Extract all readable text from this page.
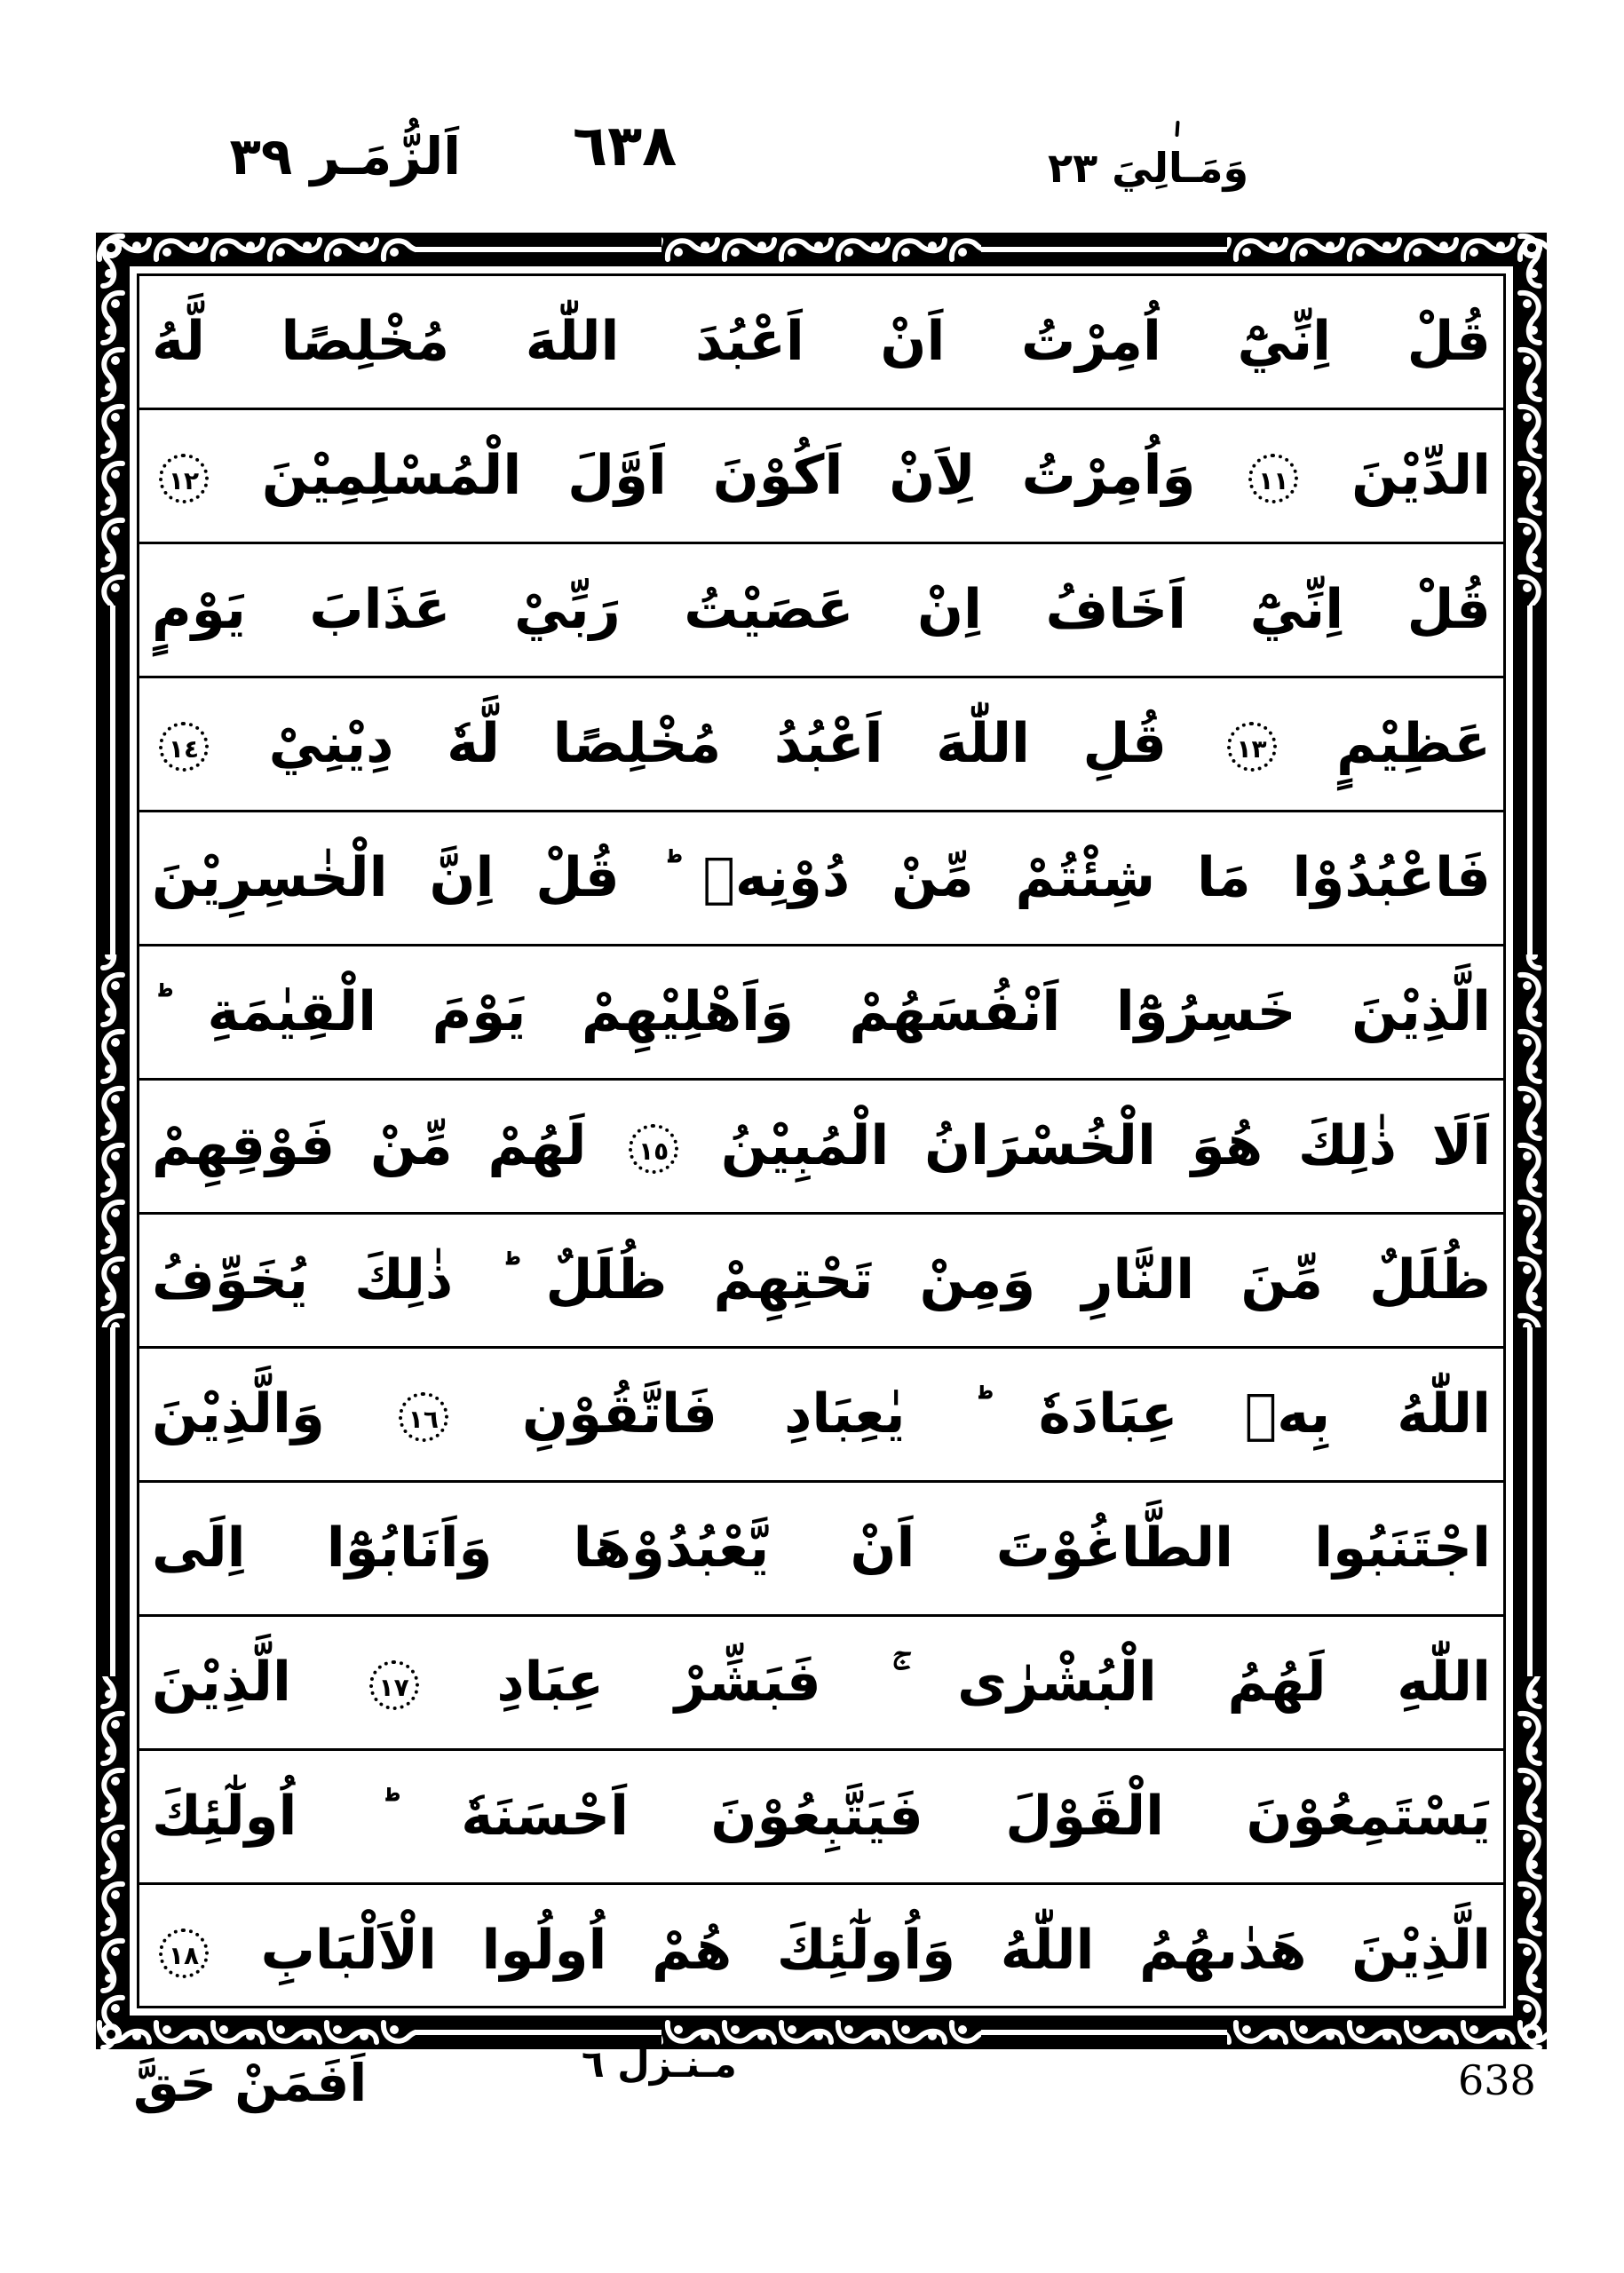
اَلزُّمَـر ٣٩ ٦٣٨	وَمَـالِيَ ٢٣
قُلْ اِنِّيْٓ اُمِرْتُ اَنْ اَعْبُدَ اللّٰهَ مُخْلِصًا لَّهُ
الدِّيْنَ ١١ وَاُمِرْتُ لِاَنْ اَكُوْنَ اَوَّلَ الْمُسْلِمِيْنَ ١٢
قُلْ اِنِّيْٓ اَخَافُ اِنْ عَصَيْتُ رَبِّيْ عَذَابَ يَوْمٍ
عَظِيْمٍ ١٣ قُلِ اللّٰهَ اَعْبُدُ مُخْلِصًا لَّهٗ دِيْنِيْ ١٤
فَاعْبُدُوْا مَا شِئْتُمْ مِّنْ دُوْنِهٖ ؕ قُلْ اِنَّ الْخٰسِرِيْنَ
الَّذِيْنَ خَسِرُوْٓا اَنْفُسَهُمْ وَاَهْلِيْهِمْ يَوْمَ الْقِيٰمَةِ ؕ
اَلَا ذٰلِكَ هُوَ الْخُسْرَانُ الْمُبِيْنُ ١٥ لَهُمْ مِّنْ فَوْقِهِمْ
ظُلَلٌ مِّنَ النَّارِ وَمِنْ تَحْتِهِمْ ظُلَلٌ ؕ ذٰلِكَ يُخَوِّفُ
اللّٰهُ بِهٖ عِبَادَهٗ ؕ يٰعِبَادِ فَاتَّقُوْنِ ١٦ وَالَّذِيْنَ
اجْتَنَبُوا الطَّاغُوْتَ اَنْ يَّعْبُدُوْهَا وَاَنَابُوْٓا اِلَى
اللّٰهِ لَهُمُ الْبُشْرٰى ۚ فَبَشِّرْ عِبَادِ ١٧ الَّذِيْنَ
يَسْتَمِعُوْنَ الْقَوْلَ فَيَتَّبِعُوْنَ اَحْسَنَهٗ ؕ اُولٰٓئِكَ
الَّذِيْنَ هَدٰىهُمُ اللّٰهُ وَاُولٰٓئِكَ هُمْ اُولُوا الْاَلْبَابِ ١٨
اَفَمَنْ حَقَّ	مـنـزل ٦	638
